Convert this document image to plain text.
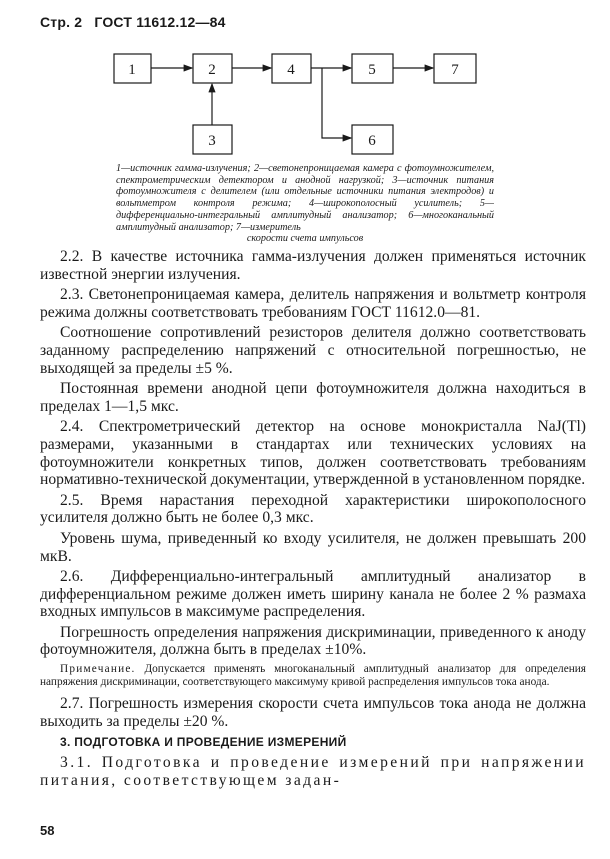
Стр. 2 ГОСТ 11612.12—84
1	2
3
4	5
6
7
1—источник гамма-излучения; 2—светонепроницаемая камера с фотоумножителем, спектрометрическим детектором и анодной нагрузкой; 3—источник питания фотоумножителя с делителем (или отдельные источники питания электродов) и вольтметром контроля режима; 4—широкополосный усилитель; 5—дифференциально-интегральный амплитудный анализатор; 6—многоканальный амплитудный анализатор; 7—измеритель
скорости счета импульсов

2.2. В качестве источника гамма-излучения должен применяться источник известной энергии излучения.

2.3. Светонепроницаемая камера, делитель напряжения и вольтметр контроля режима должны соответствовать требованиям ГОСТ 11612.0—81.

Соотношение сопротивлений резисторов делителя должно соответствовать заданному распределению напряжений с относительной погрешностью, не выходящей за пределы ±5 %.

Постоянная времени анодной цепи фотоумножителя должна находиться в пределах 1—1,5 мкс.

2.4. Спектрометрический детектор на основе монокристалла NaJ(Tl) размерами, указанными в стандартах или технических условиях на фотоумножители конкретных типов, должен соответствовать требованиям нормативно-технической документации, утвержденной в установленном порядке.

2.5. Время нарастания переходной характеристики широкополосного усилителя должно быть не более 0,3 мкс.

Уровень шума, приведенный ко входу усилителя, не должен превышать 200 мкВ.

2.6. Дифференциально-интегральный амплитудный анализатор в дифференциальном режиме должен иметь ширину канала не более 2 % размаха входных импульсов в максимуме распределения.

Погрешность определения напряжения дискриминации, приведенного к аноду фотоумножителя, должна быть в пределах ±10%.

Примечание. Допускается применять многоканальный амплитудный анализатор для определения напряжения дискриминации, соответствующего максимуму кривой распределения импульсов тока анода.

2.7. Погрешность измерения скорости счета импульсов тока анода не должна выходить за пределы ±20 %.

3. ПОДГОТОВКА И ПРОВЕДЕНИЕ ИЗМЕРЕНИЙ

3.1. Подготовка и проведение измерений при напряжении питания, соответствующем задан-

58
